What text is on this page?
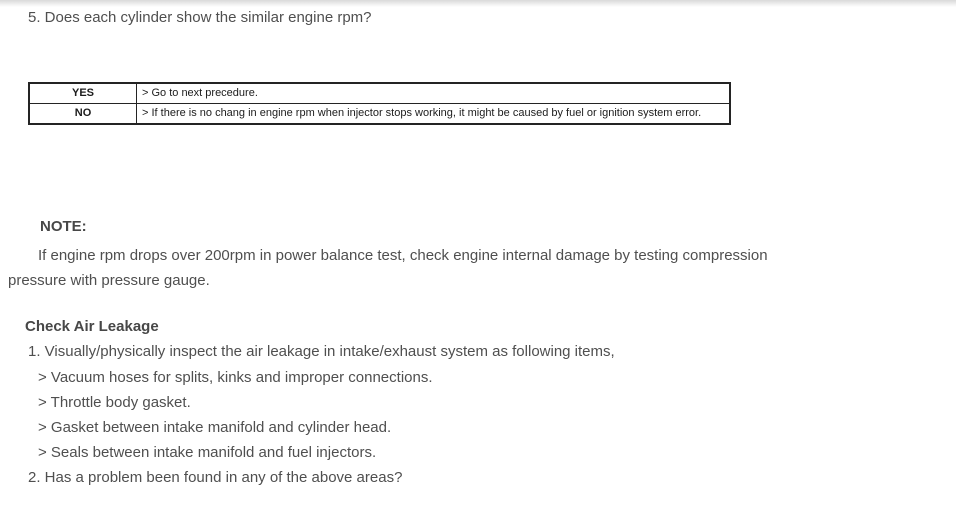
5. Does each cylinder show the similar engine rpm?
YES	> Go to next precedure.
NO	> If there is no chang in engine rpm when injector stops working, it might be caused by fuel or ignition system error.
NOTE:
If engine rpm drops over 200rpm in power balance test, check engine internal damage by testing compression pressure with pressure gauge.
Check Air Leakage
1. Visually/physically inspect the air leakage in intake/exhaust system as following items,
> Vacuum hoses for splits, kinks and improper connections.
> Throttle body gasket.
> Gasket between intake manifold and cylinder head.
> Seals between intake manifold and fuel injectors.
2. Has a problem been found in any of the above areas?
